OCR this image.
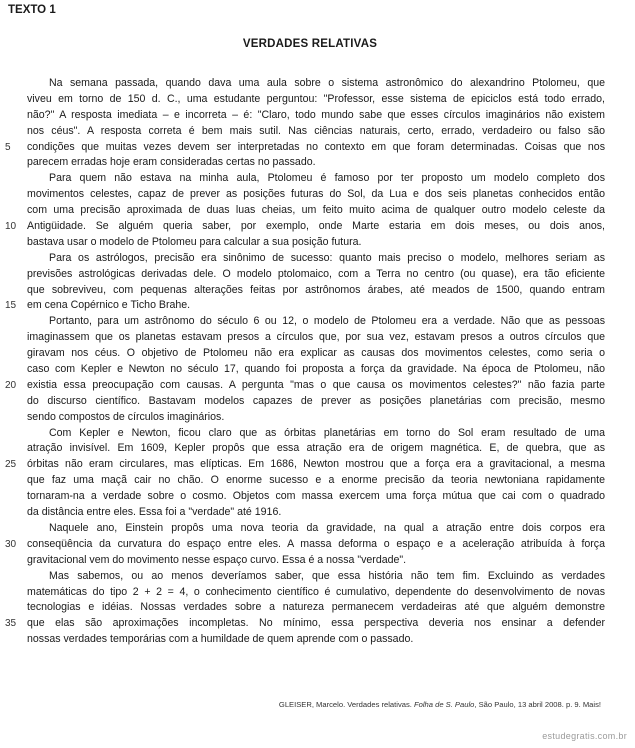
TEXTO 1
VERDADES RELATIVAS
Na semana passada, quando dava uma aula sobre o sistema astronômico do alexandrino Ptolomeu, que
viveu em torno de 150 d. C., uma estudante perguntou: "Professor, esse sistema de epiciclos está todo errado,
não?" A resposta imediata – e incorreta – é: "Claro, todo mundo sabe que esses círculos imaginários não existem
nos céus". A resposta correta é bem mais sutil. Nas ciências naturais, certo, errado, verdadeiro ou falso são
5	condições que muitas vezes devem ser interpretadas no contexto em que foram determinadas. Coisas que nos
parecem erradas hoje eram consideradas certas no passado.
Para quem não estava na minha aula, Ptolomeu é famoso por ter proposto um modelo completo dos
movimentos celestes, capaz de prever as posições futuras do Sol, da Lua e dos seis planetas conhecidos então
com uma precisão aproximada de duas luas cheias, um feito muito acima de qualquer outro modelo celeste da
10 Antigüidade. Se alguém queria saber, por exemplo, onde Marte estaria em dois meses, ou dois anos,
bastava usar o modelo de Ptolomeu para calcular a sua posição futura.
Para os astrólogos, precisão era sinônimo de sucesso: quanto mais preciso o modelo, melhores seriam as
previsões astrológicas derivadas dele. O modelo ptolomaico, com a Terra no centro (ou quase), era tão eficiente
que sobreviveu, com pequenas alterações feitas por astrônomos árabes, até meados de 1500, quando entram
15 em cena Copérnico e Ticho Brahe.
Portanto, para um astrônomo do século 6 ou 12, o modelo de Ptolomeu era a verdade. Não que as pessoas
imaginassem que os planetas estavam presos a círculos que, por sua vez, estavam presos a outros círculos que
giravam nos céus. O objetivo de Ptolomeu não era explicar as causas dos movimentos celestes, como seria o
caso com Kepler e Newton no século 17, quando foi proposta a força da gravidade. Na época de Ptolomeu, não
20 existia essa preocupação com causas. A pergunta "mas o que causa os movimentos celestes?" não fazia parte
do discurso científico. Bastavam modelos capazes de prever as posições planetárias com precisão, mesmo
sendo compostos de círculos imaginários.
Com Kepler e Newton, ficou claro que as órbitas planetárias em torno do Sol eram resultado de uma
atração invisível. Em 1609, Kepler propôs que essa atração era de origem magnética. E, de quebra, que as
25 órbitas não eram circulares, mas elípticas. Em 1686, Newton mostrou que a força era a gravitacional, a mesma
que faz uma maçã cair no chão. O enorme sucesso e a enorme precisão da teoria newtoniana rapidamente
tornaram-na a verdade sobre o cosmo. Objetos com massa exercem uma força mútua que cai com o quadrado
da distância entre eles. Essa foi a "verdade" até 1916.
Naquele ano, Einstein propôs uma nova teoria da gravidade, na qual a atração entre dois corpos era
30 conseqüência da curvatura do espaço entre eles. A massa deforma o espaço e a aceleração atribuída à força
gravitacional vem do movimento nesse espaço curvo. Essa é a nossa "verdade".
Mas sabemos, ou ao menos deveríamos saber, que essa história não tem fim. Excluindo as verdades
matemáticas do tipo 2 + 2 = 4, o conhecimento científico é cumulativo, dependente do desenvolvimento de novas
tecnologias e idéias. Nossas verdades sobre a natureza permanecem verdadeiras até que alguém demonstre
35 que elas são aproximações incompletas. No mínimo, essa perspectiva deveria nos ensinar a defender
nossas verdades temporárias com a humildade de quem aprende com o passado.
GLEISER, Marcelo. Verdades relativas. Folha de S. Paulo, São Paulo, 13 abril 2008. p. 9. Mais!
estudegratis.com.br
